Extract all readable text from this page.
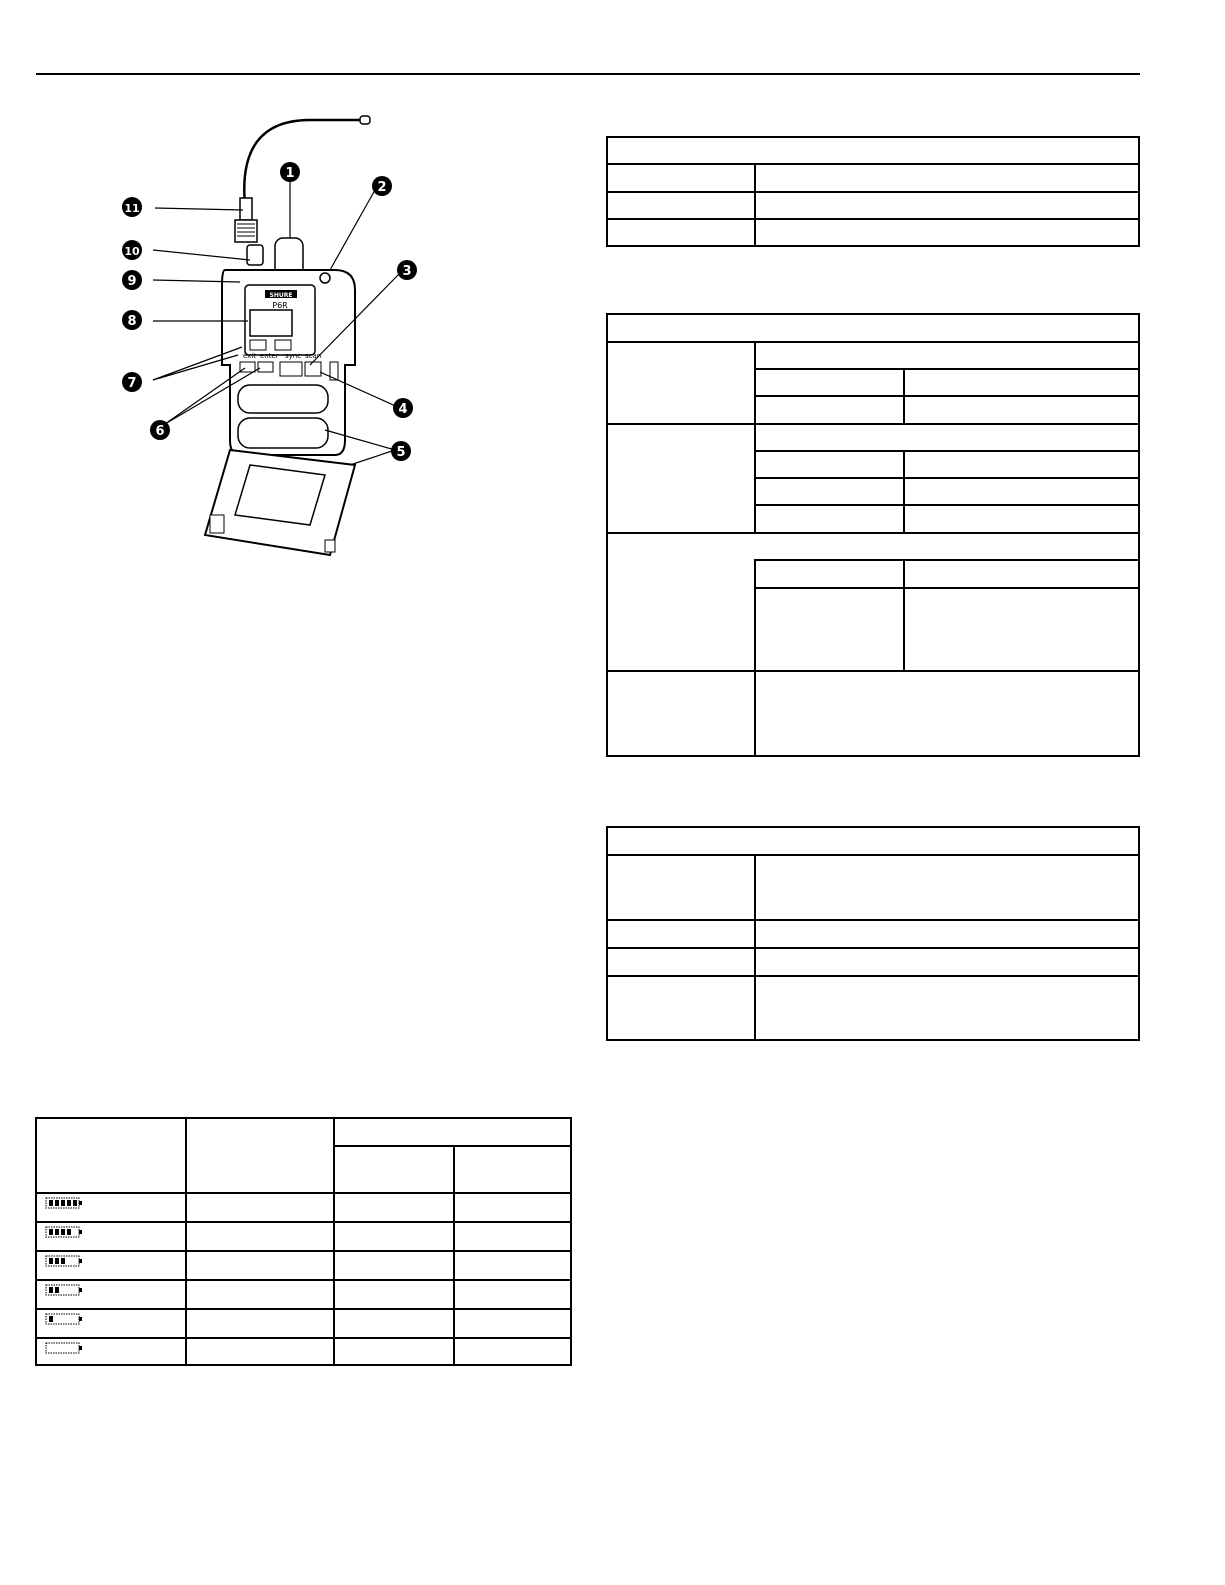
SHURE
P6R
exit enter sync scan
1
2
3
4
5
6
7
8
9
10
11
